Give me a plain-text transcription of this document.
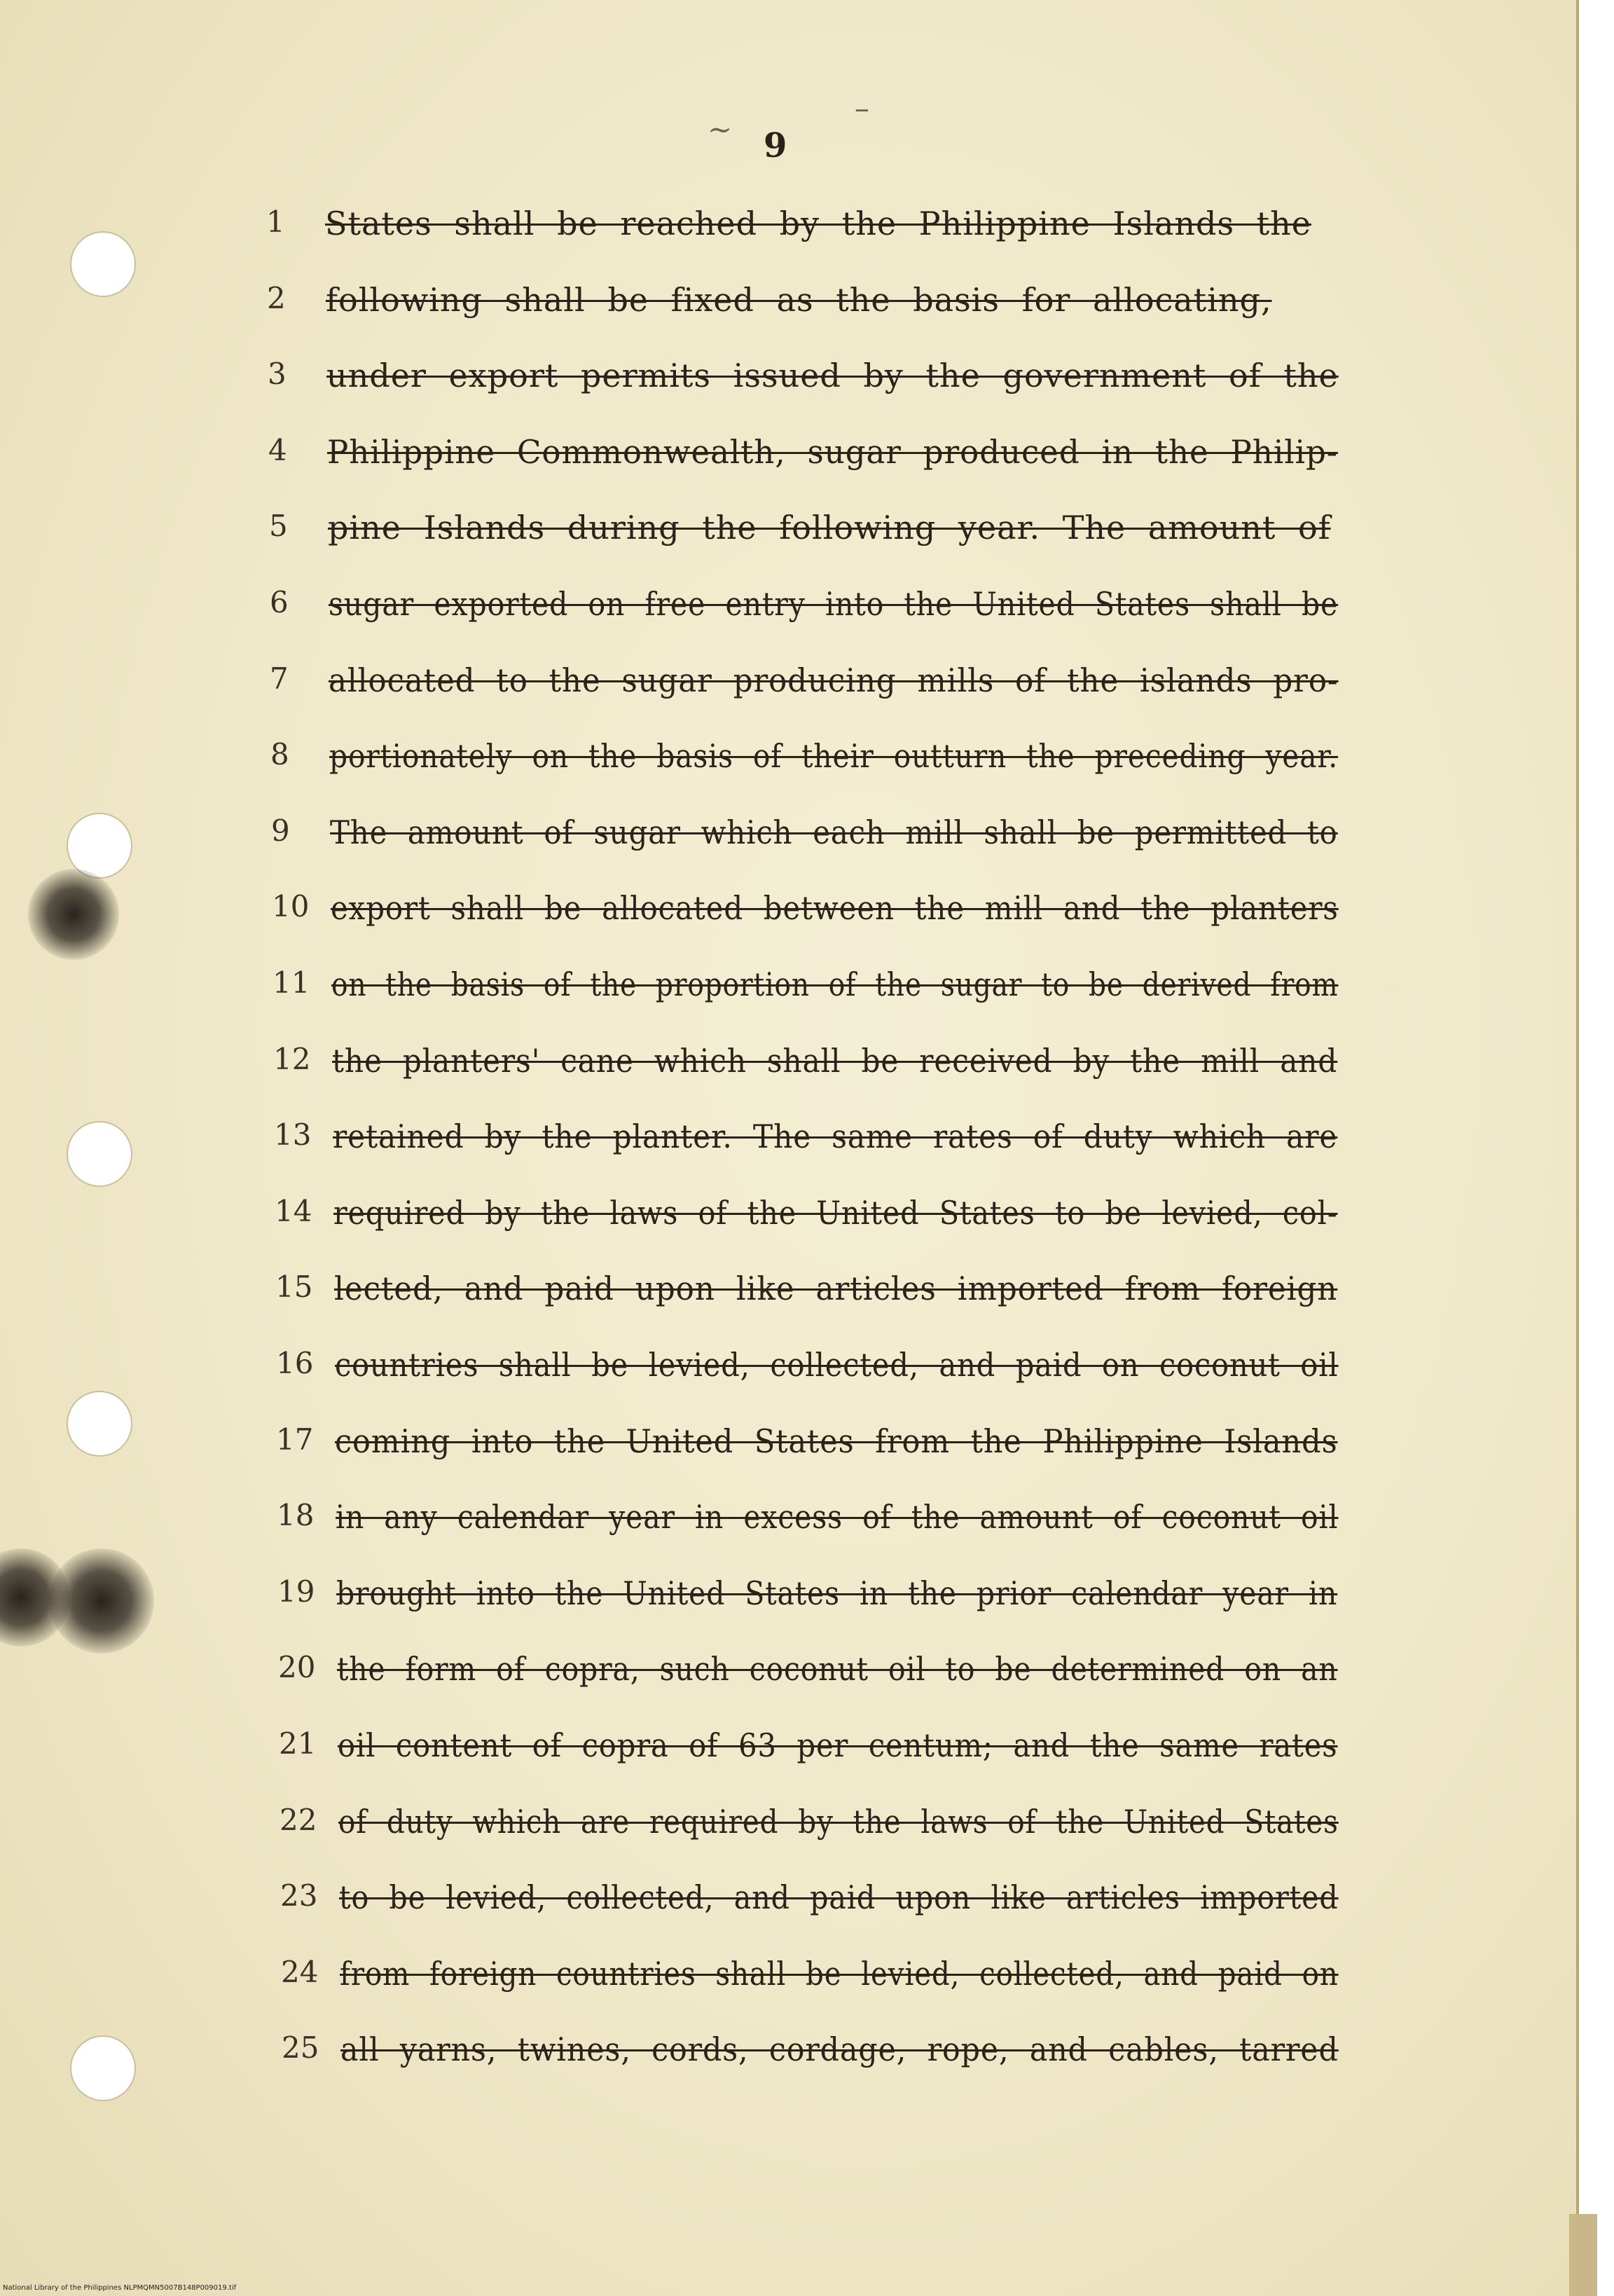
∼
–
9
1	States shall be reached by the Philippine Islands the
2	following shall be fixed as the basis for allocating,
3	under export permits issued by the government of the
4	Philippine Commonwealth, sugar produced in the Philip-
5	pine Islands during the following year. The amount of
6	sugar exported on free entry into the United States shall be
7	allocated to the sugar producing mills of the islands pro-
8	portionately on the basis of their outturn the preceding year.
9	The amount of sugar which each mill shall be permitted to
10 export shall be allocated between the mill and the planters
11 on the basis of the proportion of the sugar to be derived from
12 the planters' cane which shall be received by the mill and
13 retained by the planter. The same rates of duty which are
14 required by the laws of the United States to be levied, col-
15 lected, and paid upon like articles imported from foreign
16 countries shall be levied, collected, and paid on coconut oil
17 coming into the United States from the Philippine Islands
18 in any calendar year in excess of the amount of coconut oil
19 brought into the United States in the prior calendar year in
20 the form of copra, such coconut oil to be determined on an
21 oil content of copra of 63 per centum; and the same rates
22 of duty which are required by the laws of the United States
23 to be levied, collected, and paid upon like articles imported
24 from foreign countries shall be levied, collected, and paid on
25 all yarns, twines, cords, cordage, rope, and cables, tarred
National Library of the Philippines NLPMQMN5007B148P009019.tif
